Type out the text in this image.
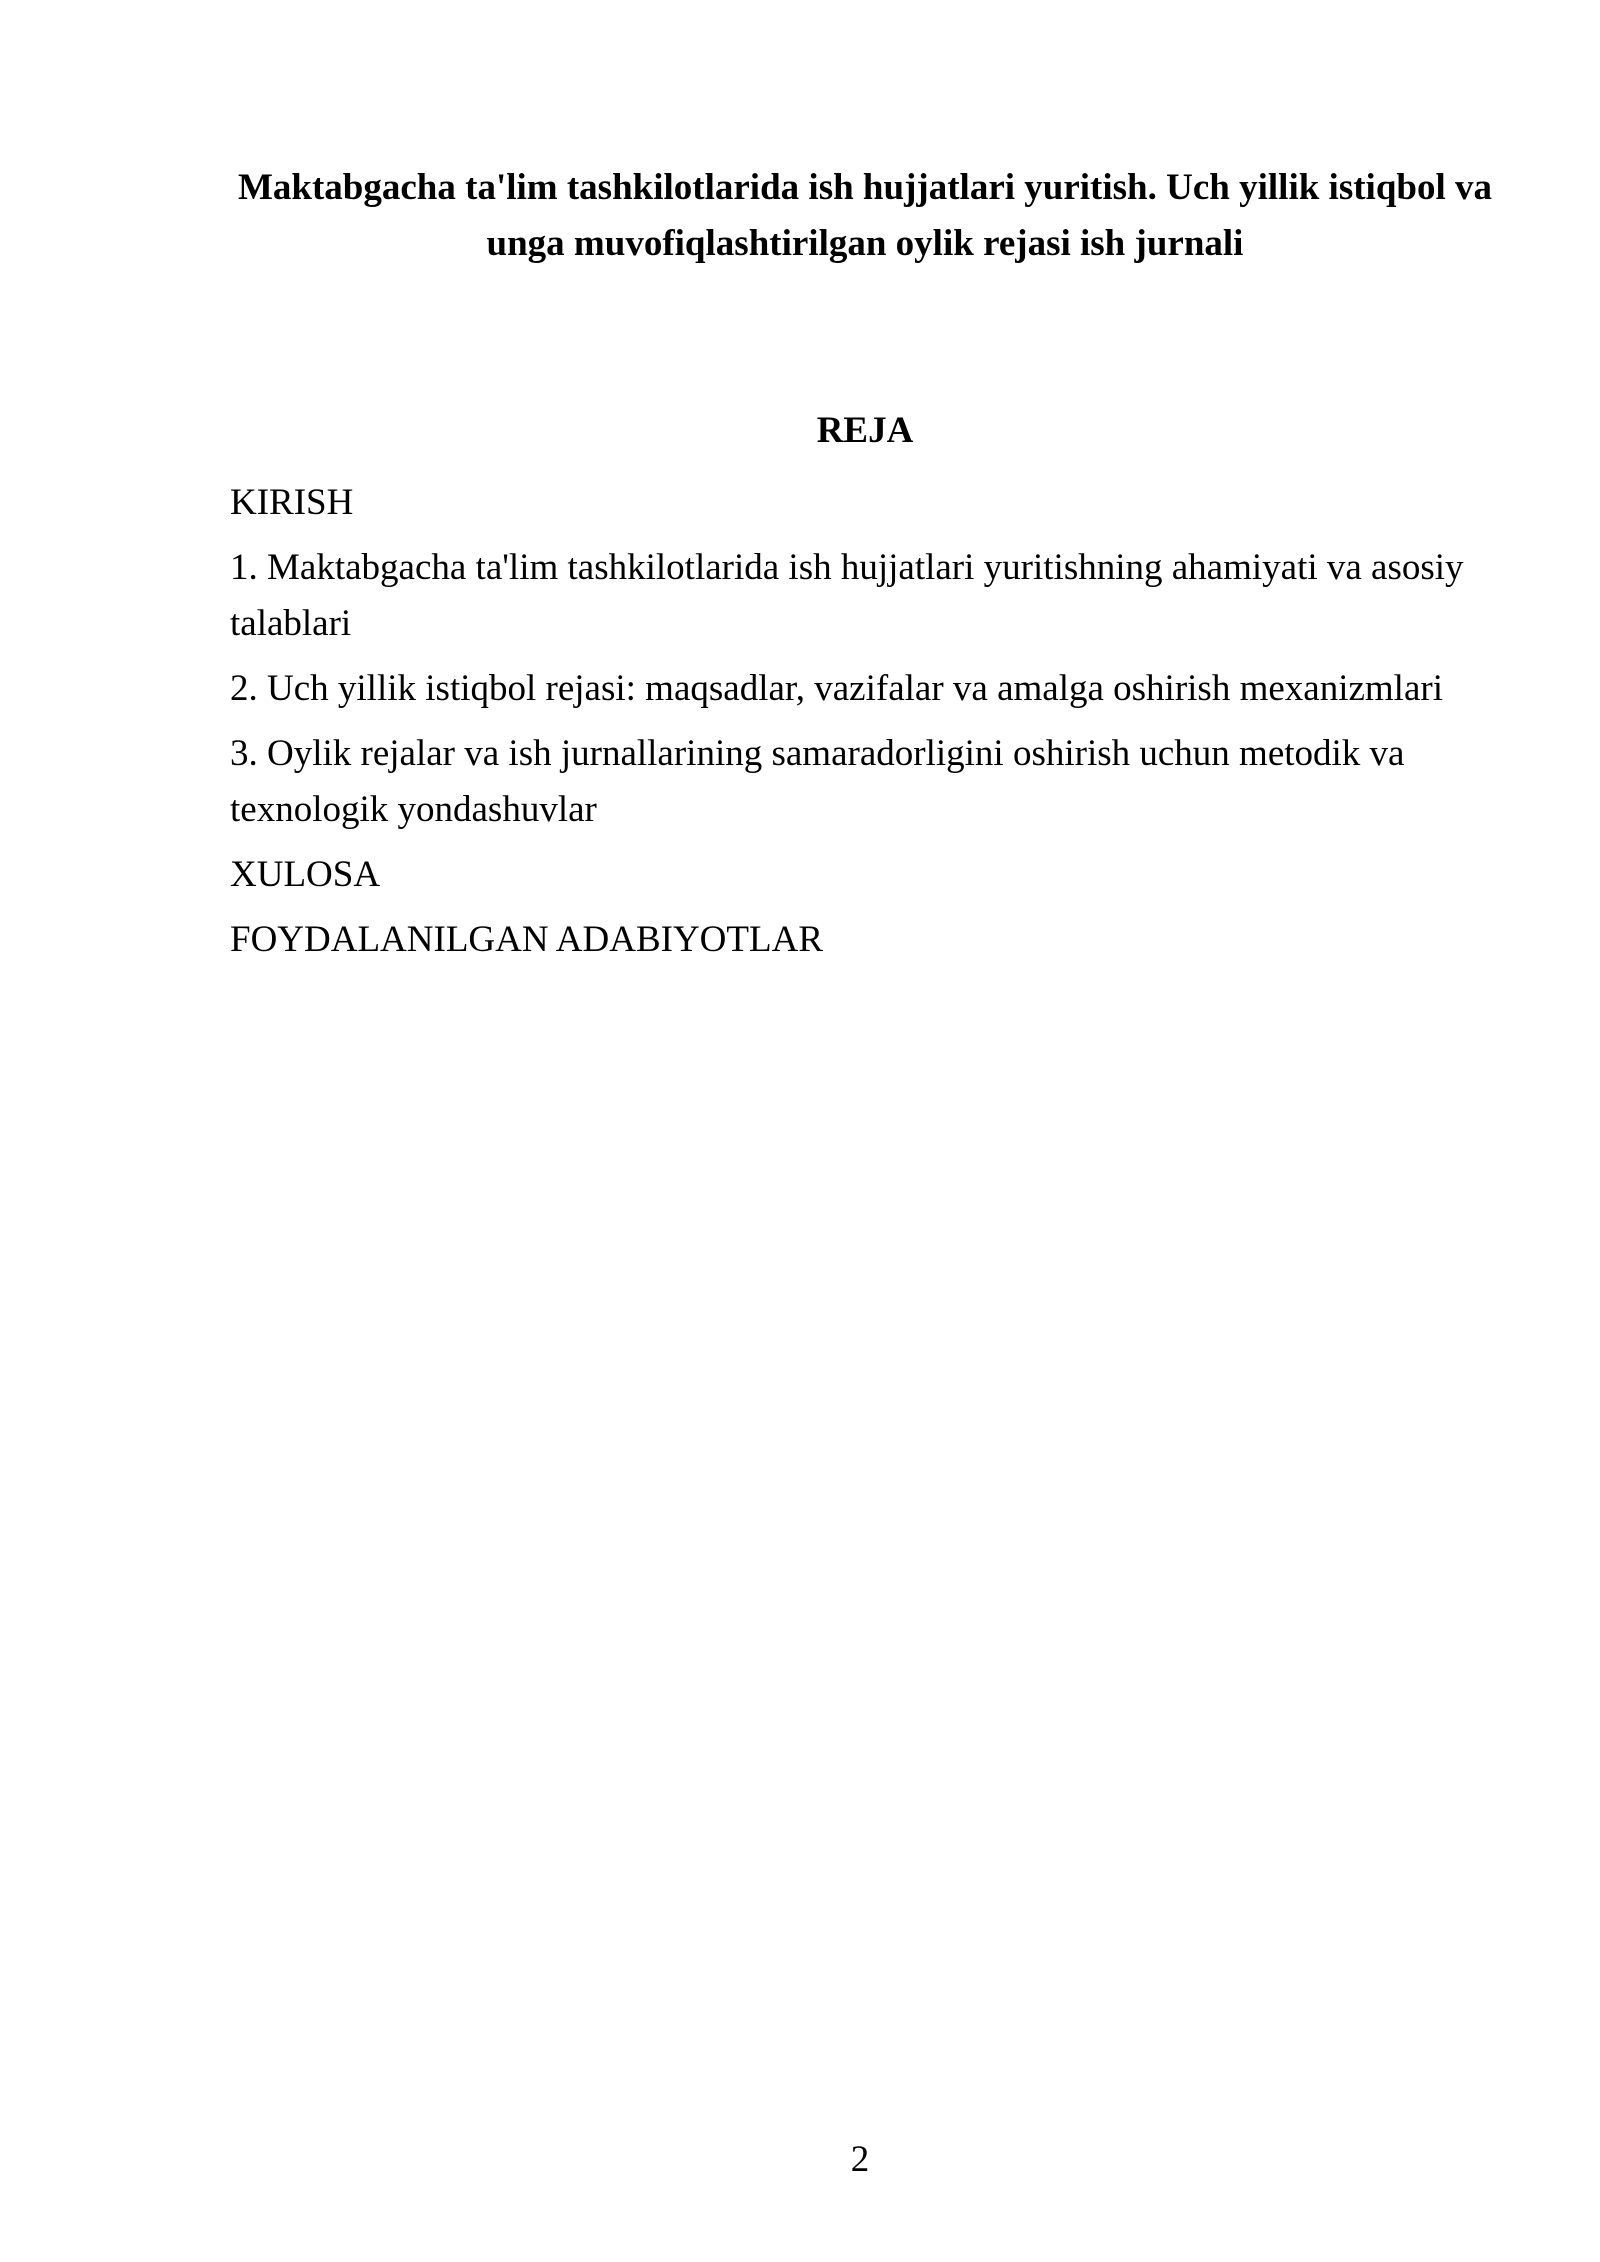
Maktabgacha ta'lim tashkilotlarida ish hujjatlari yuritish. Uch yillik istiqbol va unga muvofiqlashtirilgan oylik rejasi ish jurnali
REJA
KIRISH
1. Maktabgacha ta'lim tashkilotlarida ish hujjatlari yuritishning ahamiyati va asosiy talablari
2. Uch yillik istiqbol rejasi: maqsadlar, vazifalar va amalga oshirish mexanizmlari
3. Oylik rejalar va ish jurnallarining samaradorligini oshirish uchun metodik va texnologik yondashuvlar
XULOSA
FOYDALANILGAN ADABIYOTLAR

2
